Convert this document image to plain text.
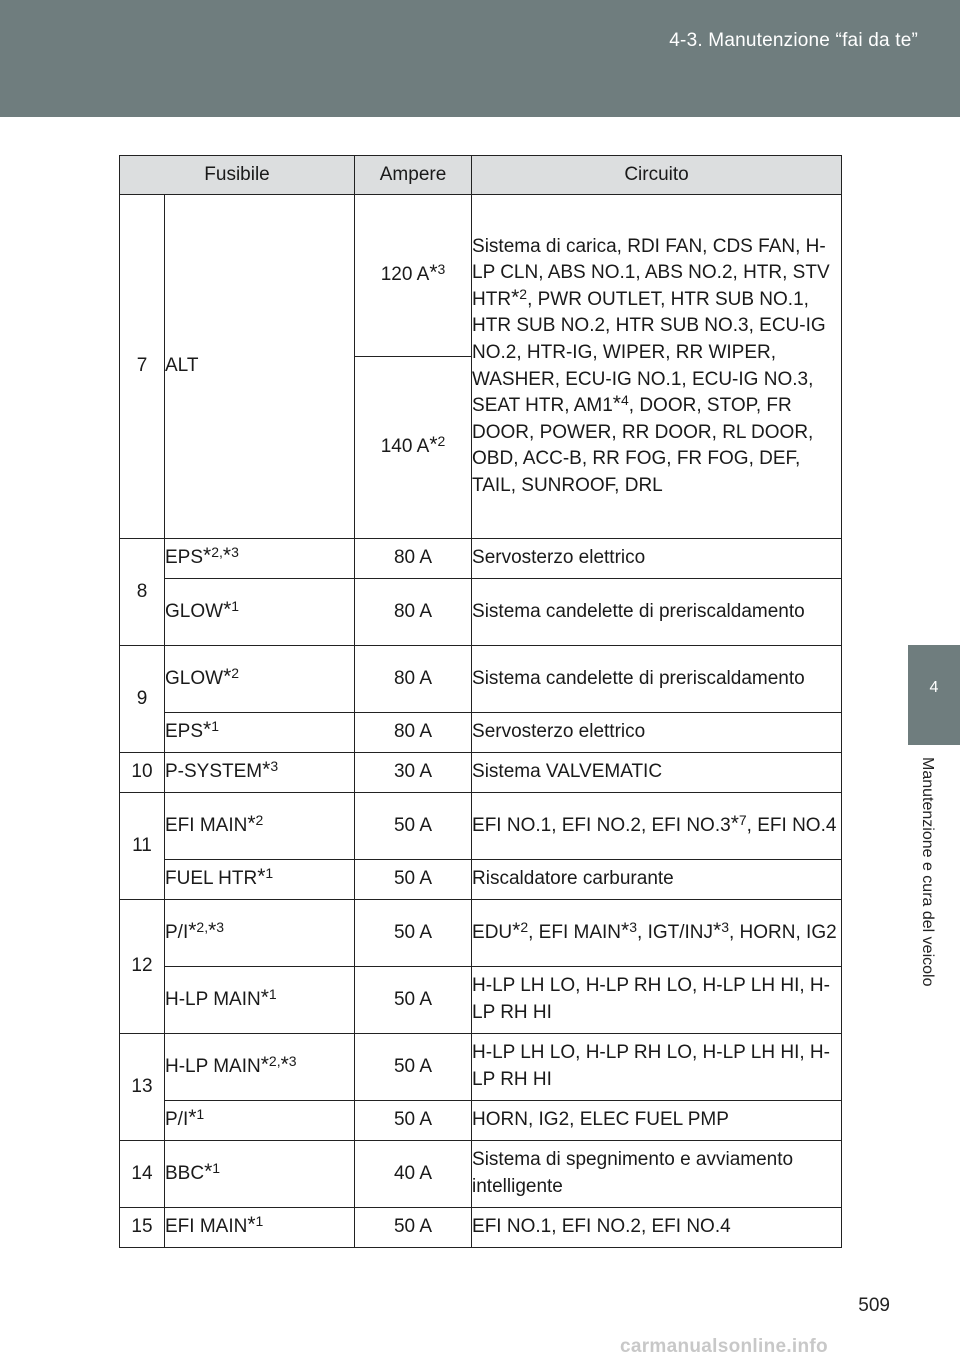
4-3. Manutenzione “fai da te”
4
Manutenzione e cura del veicolo
Fusibile		Ampere	Circuito
7	ALT	120 A*$^3$	Sistema di carica, RDI FAN, CDS FAN, H-LP CLN, ABS NO.1, ABS NO.2, HTR, STV HTR*$^2$, PWR OUTLET, HTR SUB NO.1, HTR SUB NO.2, HTR SUB NO.3, ECU-IG NO.2, HTR-IG, WIPER, RR WIPER, WASHER, ECU-IG NO.1, ECU-IG NO.3, SEAT HTR, AM1*$^4$, DOOR, STOP, FR DOOR, POWER, RR DOOR, RL DOOR, OBD, ACC-B, RR FOG, FR FOG, DEF, TAIL, SUNROOF, DRL
		140 A*$^2$
8	EPS*$^{2,}$*$^3$	80 A	Servosterzo elettrico
	GLOW*$^1$	80 A	Sistema candelette di preriscaldamento
9	GLOW*$^2$	80 A	Sistema candelette di preriscaldamento
	EPS*$^1$	80 A	Servosterzo elettrico
10	P-SYSTEM*$^3$	30 A	Sistema VALVEMATIC
11	EFI MAIN*$^2$	50 A	EFI NO.1, EFI NO.2, EFI NO.3*$^7$, EFI NO.4
	FUEL HTR*$^1$	50 A	Riscaldatore carburante
12	P/I*$^{2,}$*$^3$	50 A	EDU*$^2$, EFI MAIN*$^3$, IGT/INJ*$^3$, HORN, IG2
	H-LP MAIN*$^1$	50 A	H-LP LH LO, H-LP RH LO, H-LP LH HI, H-LP RH HI
13	H-LP MAIN*$^{2,}$*$^3$	50 A	H-LP LH LO, H-LP RH LO, H-LP LH HI, H-LP RH HI
	P/I*$^1$	50 A	HORN, IG2, ELEC FUEL PMP
14	BBC*$^1$	40 A	Sistema di spegnimento e avviamento intelligente
15	EFI MAIN*$^1$	50 A	EFI NO.1, EFI NO.2, EFI NO.4
509
carmanualsonline.info
